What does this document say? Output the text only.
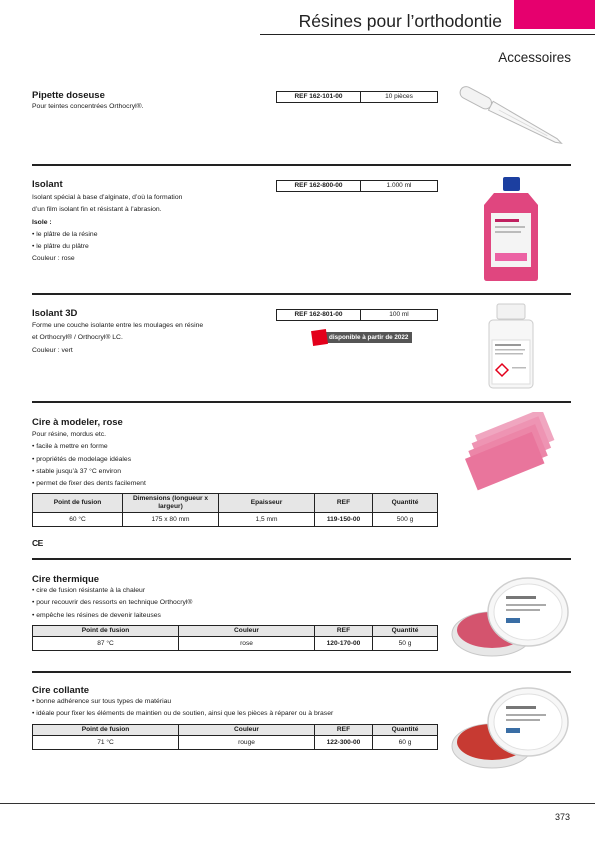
Résines pour l’orthodontie
Accessoires
Pipette doseuse
Pour teintes concentrées Orthocryl®.
REF 162-101-00	10 pièces
Isolant
Isolant spécial à base d’alginate, d’où la formation
d’un film isolant fin et résistant à l’abrasion.
Isole :
• le plâtre de la résine
• le plâtre du plâtre
Couleur : rose
REF 162-800-00	1.000 ml
Isolant 3D
Forme une couche isolante entre les moulages en résine
et Orthocryl® / Orthocryl® LC.
Couleur : vert
REF 162-801-00	100 ml
disponible à partir de 2022
Cire à modeler, rose
Pour résine, mordus etc.
• facile à mettre en forme
• propriétés de modelage idéales
• stable jusqu’à 37 °C environ
• permet de fixer des dents facilement
Point de fusion	Dimensions (longueur x largeur)	Epaisseur	REF	Quantité
60 °C	175 x 80 mm	1,5 mm	119-150-00	500 g
CE
Cire thermique
• cire de fusion résistante à la chaleur
• pour recouvrir des ressorts en technique Orthocryl®
• empêche les résines de devenir laiteuses
Point de fusion	Couleur	REF	Quantité
87 °C	rose	120-170-00	50 g
Cire collante
• bonne adhérence sur tous types de matériau
• idéale pour fixer les éléments de maintien ou de soutien, ainsi que les pièces à réparer ou à braser
Point de fusion	Couleur	REF	Quantité
71 °C	rouge	122-300-00	60 g
373
